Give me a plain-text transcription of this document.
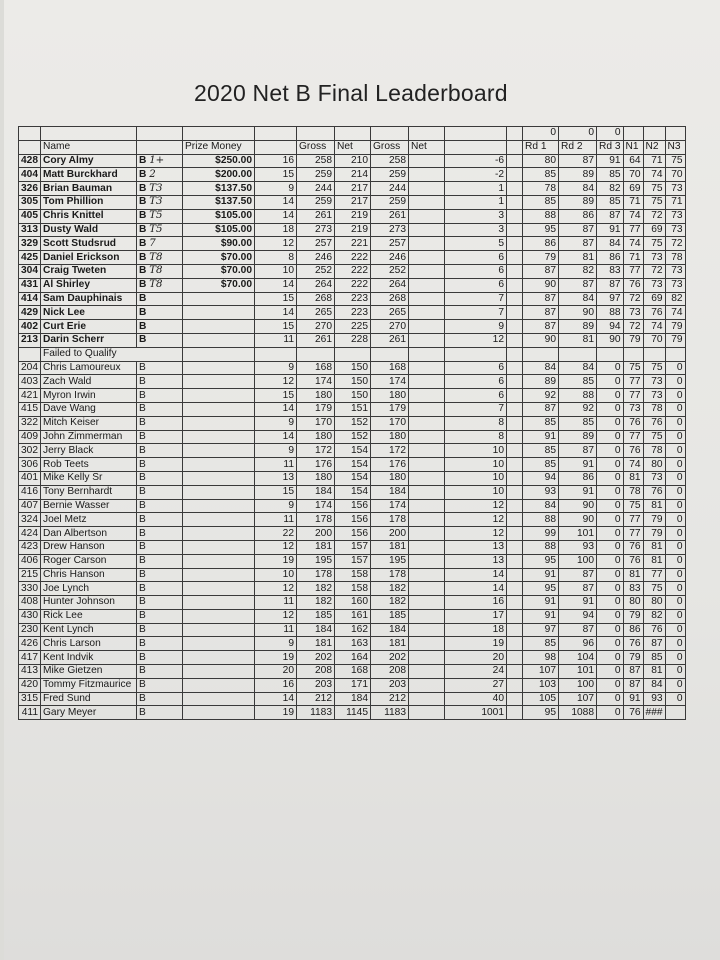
2020 Net B Final Leaderboard
											0	0	0			
	Name		Prize Money		Gross	Net	Gross	Net			Rd 1	Rd 2	Rd 3	N1	N2	N3
428	Cory Almy	B 1+	$250.00	16	258	210	258		-6		80	87	91	64	71	75
404	Matt Burckhard	B 2	$200.00	15	259	214	259		-2		85	89	85	70	74	70
326	Brian Bauman	B T3	$137.50	9	244	217	244		1		78	84	82	69	75	73
305	Tom Phillion	B T3	$137.50	14	259	217	259		1		85	89	85	71	75	71
405	Chris Knittel	B T5	$105.00	14	261	219	261		3		88	86	87	74	72	73
313	Dusty Wald	B T5	$105.00	18	273	219	273		3		95	87	91	77	69	73
329	Scott Studsrud	B 7	$90.00	12	257	221	257		5		86	87	84	74	75	72
425	Daniel Erickson	B T8	$70.00	8	246	222	246		6		79	81	86	71	73	78
304	Craig Tweten	B T8	$70.00	10	252	222	252		6		87	82	83	77	72	73
431	Al Shirley	B T8	$70.00	14	264	222	264		6		90	87	87	76	73	73
414	Sam Dauphinais	B		15	268	223	268		7		87	84	97	72	69	82
429	Nick Lee	B		14	265	223	265		7		87	90	88	73	76	74
402	Curt Erie	B		15	270	225	270		9		87	89	94	72	74	79
213	Darin Scherr	B		11	261	228	261		12		90	81	90	79	70	79
	Failed to Qualify															
204	Chris Lamoureux	B		9	168	150	168		6		84	84	0	75	75	0
403	Zach Wald	B		12	174	150	174		6		89	85	0	77	73	0
421	Myron Irwin	B		15	180	150	180		6		92	88	0	77	73	0
415	Dave Wang	B		14	179	151	179		7		87	92	0	73	78	0
322	Mitch Keiser	B		9	170	152	170		8		85	85	0	76	76	0
409	John Zimmerman	B		14	180	152	180		8		91	89	0	77	75	0
302	Jerry Black	B		9	172	154	172		10		85	87	0	76	78	0
306	Rob Teets	B		11	176	154	176		10		85	91	0	74	80	0
401	Mike Kelly Sr	B		13	180	154	180		10		94	86	0	81	73	0
416	Tony Bernhardt	B		15	184	154	184		10		93	91	0	78	76	0
407	Bernie Wasser	B		9	174	156	174		12		84	90	0	75	81	0
324	Joel Metz	B		11	178	156	178		12		88	90	0	77	79	0
424	Dan Albertson	B		22	200	156	200		12		99	101	0	77	79	0
423	Drew Hanson	B		12	181	157	181		13		88	93	0	76	81	0
406	Roger Carson	B		19	195	157	195		13		95	100	0	76	81	0
215	Chris Hanson	B		10	178	158	178		14		91	87	0	81	77	0
330	Joe Lynch	B		12	182	158	182		14		95	87	0	83	75	0
408	Hunter Johnson	B		11	182	160	182		16		91	91	0	80	80	0
430	Rick Lee	B		12	185	161	185		17		91	94	0	79	82	0
230	Kent Lynch	B		11	184	162	184		18		97	87	0	86	76	0
426	Chris Larson	B		9	181	163	181		19		85	96	0	76	87	0
417	Kent Indvik	B		19	202	164	202		20		98	104	0	79	85	0
413	Mike Gietzen	B		20	208	168	208		24		107	101	0	87	81	0
420	Tommy Fitzmaurice	B		16	203	171	203		27		103	100	0	87	84	0
315	Fred Sund	B		14	212	184	212		40		105	107	0	91	93	0
411	Gary Meyer	B		19	1183	1145	1183		1001		95	1088	0	76	###	
